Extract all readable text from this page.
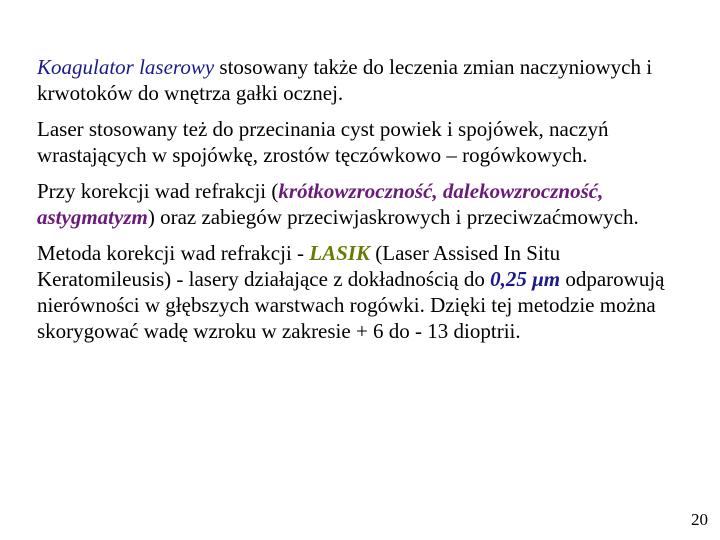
Koagulator laserowy stosowany także do leczenia zmian naczyniowych i krwotoków do wnętrza gałki ocznej.

Laser stosowany też do przecinania cyst powiek i spojówek, naczyń wrastających w spojówkę, zrostów tęczówkowo – rogówkowych.

Przy korekcji wad refrakcji (krótkowzroczność, dalekowzroczność, astygmatyzm) oraz zabiegów przeciwjaskrowych i przeciwzaćmowych.

Metoda korekcji wad refrakcji - LASIK (Laser Assised In Situ Keratomileusis) - lasery działające z dokładnością do 0,25 μm odparowują nierówności w głębszych warstwach rogówki. Dzięki tej metodzie można skorygować wadę wzroku w zakresie + 6 do - 13 dioptrii.

20
